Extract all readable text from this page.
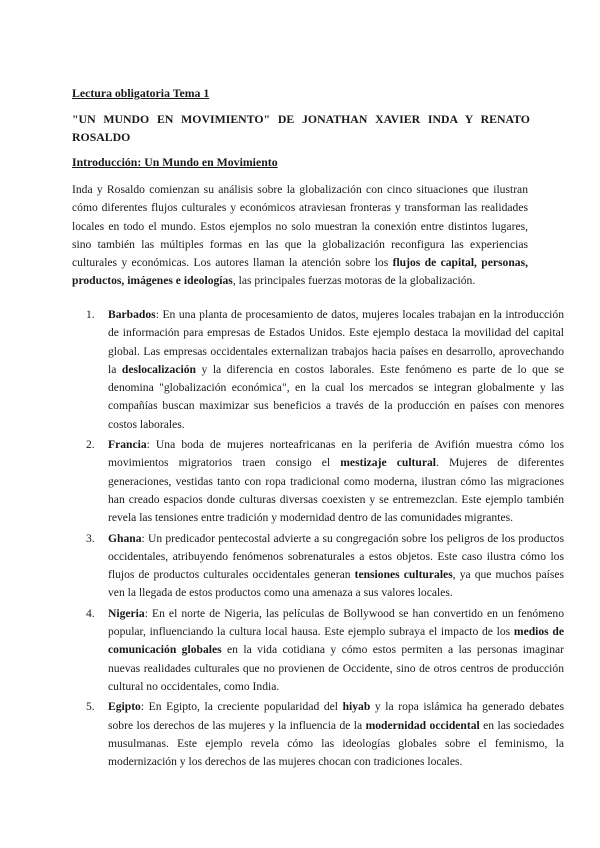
Lectura obligatoria Tema 1

"UN MUNDO EN MOVIMIENTO" DE JONATHAN XAVIER INDA Y RENATO ROSALDO
Introducción: Un Mundo en Movimiento

Inda y Rosaldo comienzan su análisis sobre la globalización con cinco situaciones que ilustran cómo diferentes flujos culturales y económicos atraviesan fronteras y transforman las realidades locales en todo el mundo. Estos ejemplos no solo muestran la conexión entre distintos lugares, sino también las múltiples formas en las que la globalización reconfigura las experiencias culturales y económicas. Los autores llaman la atención sobre los flujos de capital, personas, productos, imágenes e ideologías, las principales fuerzas motoras de la globalización.

1. Barbados: En una planta de procesamiento de datos, mujeres locales trabajan en la introducción de información para empresas de Estados Unidos. Este ejemplo destaca la movilidad del capital global. Las empresas occidentales externalizan trabajos hacia países en desarrollo, aprovechando la deslocalización y la diferencia en costos laborales. Este fenómeno es parte de lo que se denomina "globalización económica", en la cual los mercados se integran globalmente y las compañías buscan maximizar sus beneficios a través de la producción en países con menores costos laborales.
2. Francia: Una boda de mujeres norteafricanas en la periferia de Avifión muestra cómo los movimientos migratorios traen consigo el mestizaje cultural. Mujeres de diferentes generaciones, vestidas tanto con ropa tradicional como moderna, ilustran cómo las migraciones han creado espacios donde culturas diversas coexisten y se entremezclan. Este ejemplo también revela las tensiones entre tradición y modernidad dentro de las comunidades migrantes.
3. Ghana: Un predicador pentecostal advierte a su congregación sobre los peligros de los productos occidentales, atribuyendo fenómenos sobrenaturales a estos objetos. Este caso ilustra cómo los flujos de productos culturales occidentales generan tensiones culturales, ya que muchos países ven la llegada de estos productos como una amenaza a sus valores locales.
4. Nigeria: En el norte de Nigeria, las películas de Bollywood se han convertido en un fenómeno popular, influenciando la cultura local hausa. Este ejemplo subraya el impacto de los medios de comunicación globales en la vida cotidiana y cómo estos permiten a las personas imaginar nuevas realidades culturales que no provienen de Occidente, sino de otros centros de producción cultural no occidentales, como India.
5. Egipto: En Egipto, la creciente popularidad del hiyab y la ropa islámica ha generado debates sobre los derechos de las mujeres y la influencia de la modernidad occidental en las sociedades musulmanas. Este ejemplo revela cómo las ideologías globales sobre el feminismo, la modernización y los derechos de las mujeres chocan con tradiciones locales.
